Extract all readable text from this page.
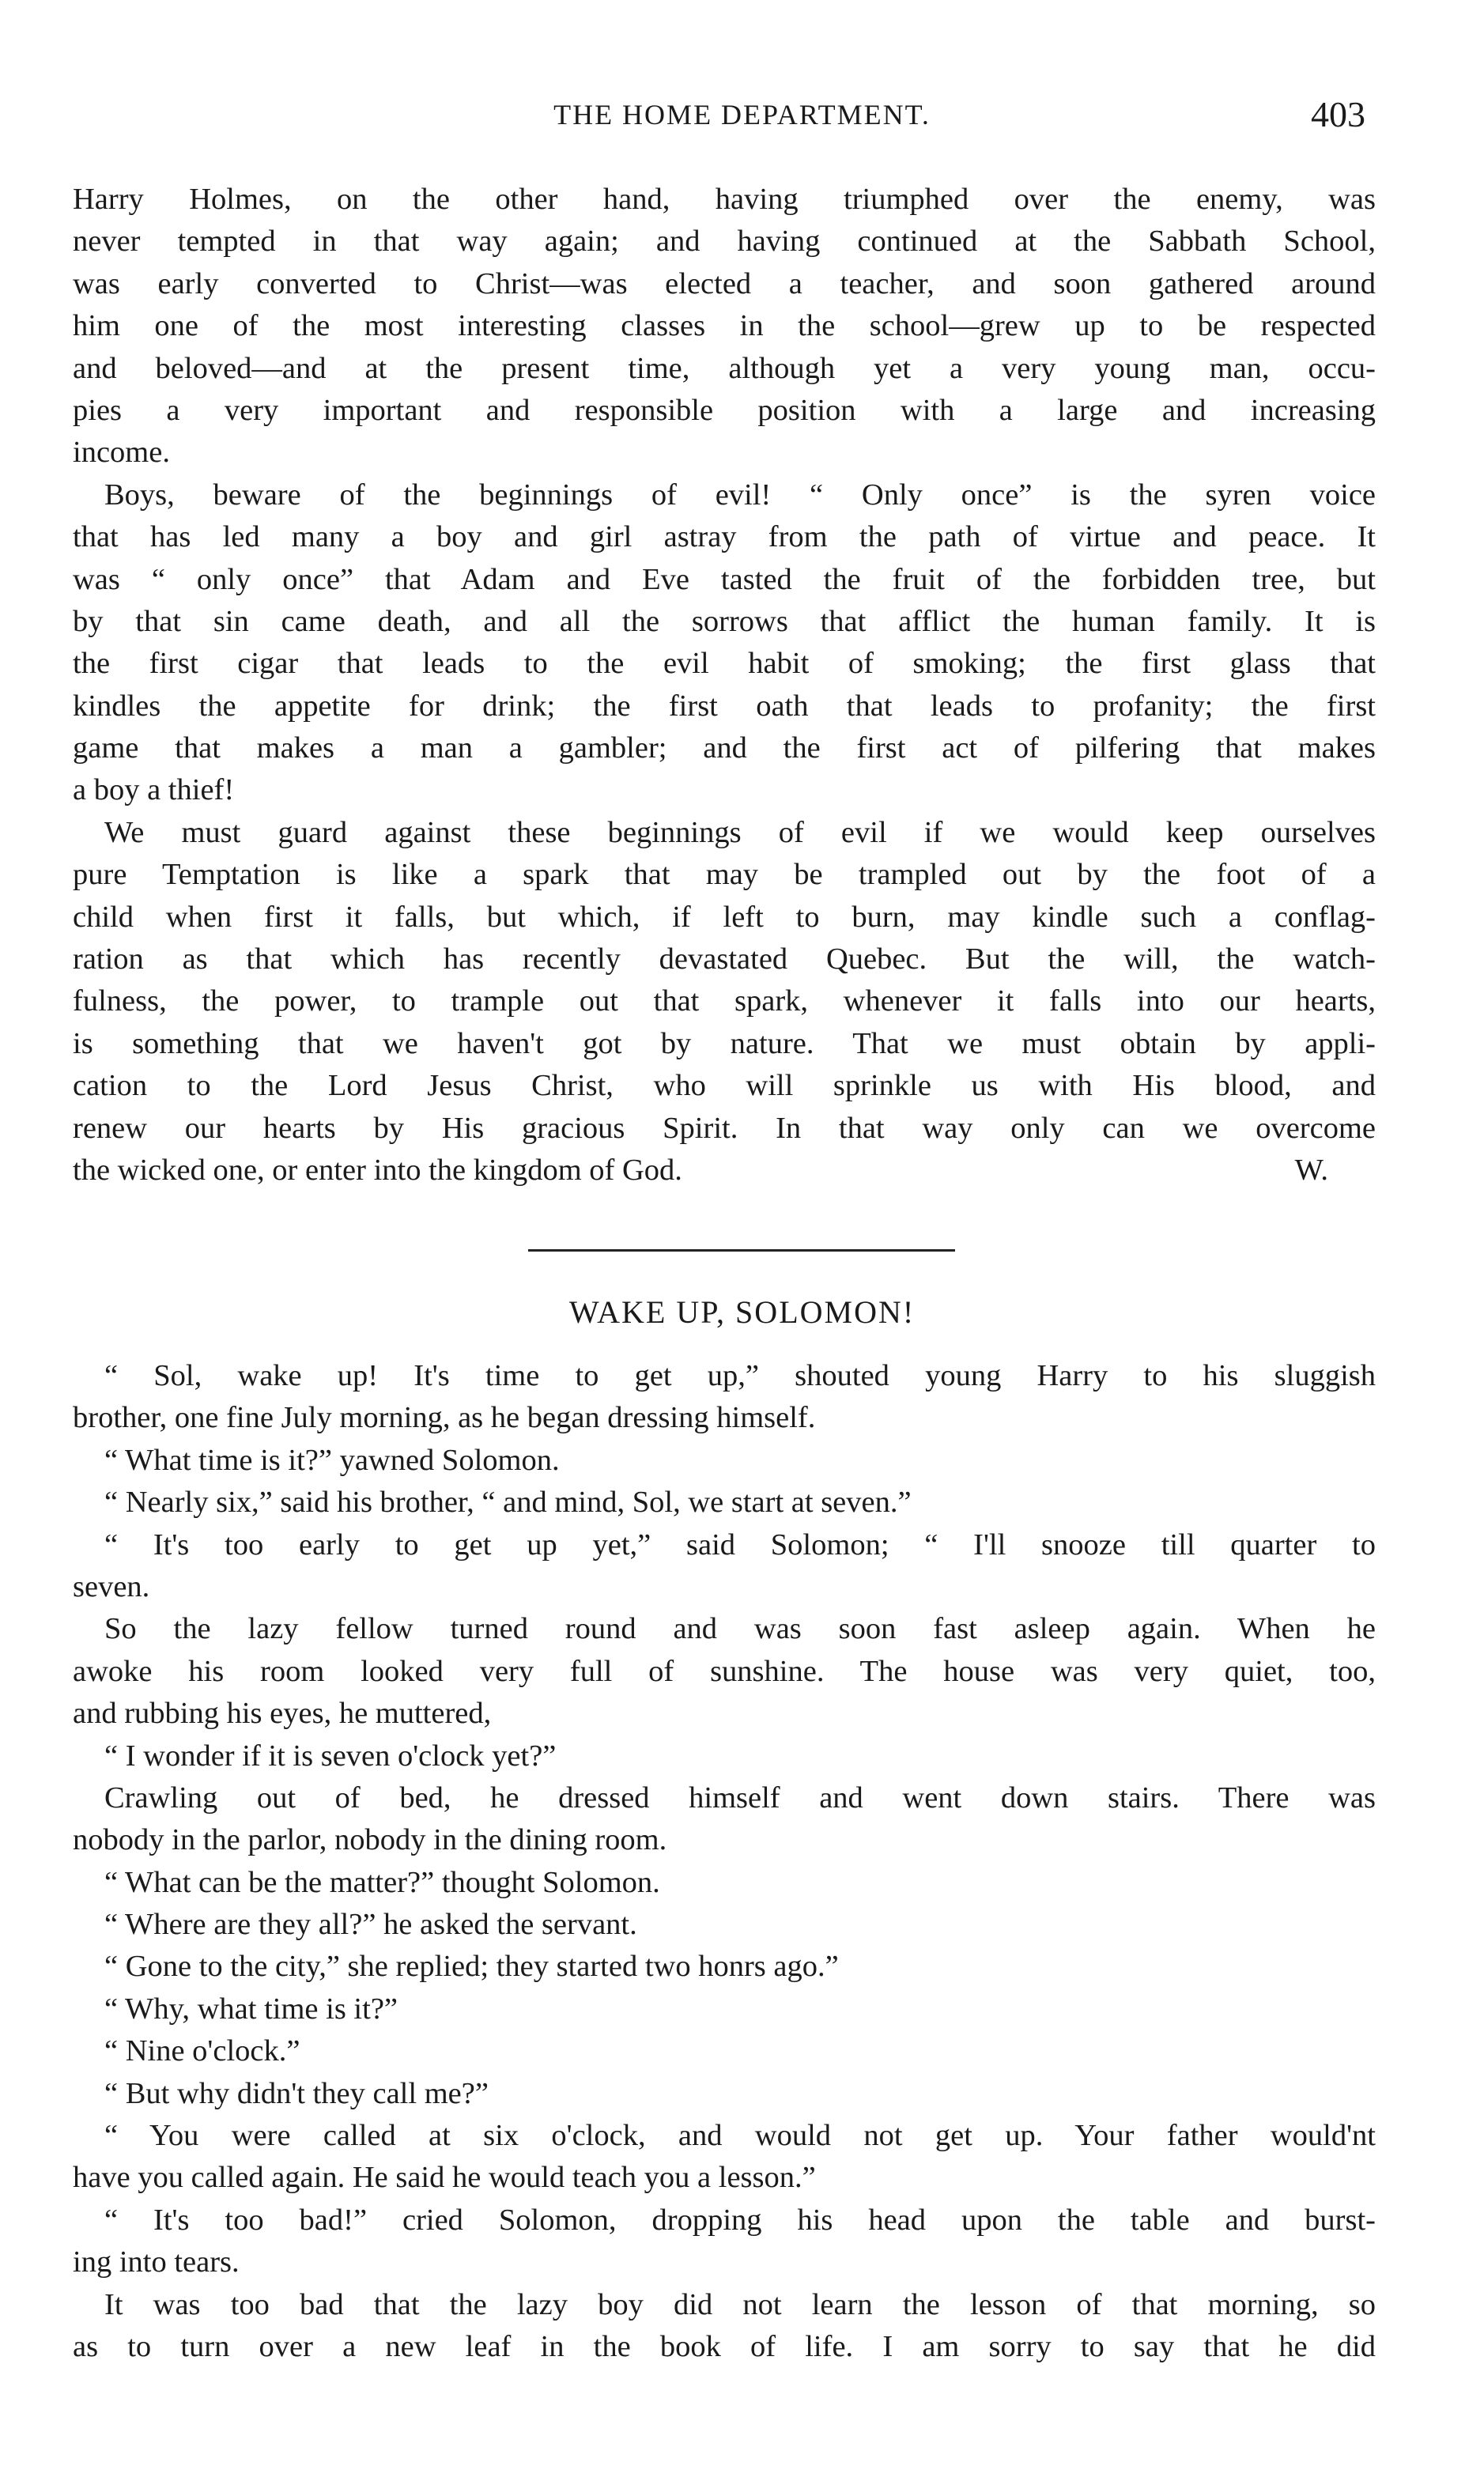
THE HOME DEPARTMENT.	403
Harry Holmes, on the other hand, having triumphed over the enemy, was
never tempted in that way again; and having continued at the Sabbath School,
was early converted to Christ—was elected a teacher, and soon gathered around
him one of the most interesting classes in the school—grew up to be respected
and beloved—and at the present time, although yet a very young man, occu-
pies a very important and responsible position with a large and increasing
income.
Boys, beware of the beginnings of evil! “ Only once” is the syren voice
that has led many a boy and girl astray from the path of virtue and peace. It
was “ only once” that Adam and Eve tasted the fruit of the forbidden tree, but
by that sin came death, and all the sorrows that afflict the human family. It is
the first cigar that leads to the evil habit of smoking; the first glass that
kindles the appetite for drink; the first oath that leads to profanity; the first
game that makes a man a gambler; and the first act of pilfering that makes
a boy a thief!
We must guard against these beginnings of evil if we would keep ourselves
pure Temptation is like a spark that may be trampled out by the foot of a
child when first it falls, but which, if left to burn, may kindle such a conflag-
ration as that which has recently devastated Quebec. But the will, the watch-
fulness, the power, to trample out that spark, whenever it falls into our hearts,
is something that we haven't got by nature. That we must obtain by appli-
cation to the Lord Jesus Christ, who will sprinkle us with His blood, and
renew our hearts by His gracious Spirit. In that way only can we overcome
the wicked one, or enter into the kingdom of God.	W.
WAKE UP, SOLOMON!
“ Sol, wake up! It's time to get up,” shouted young Harry to his sluggish
brother, one fine July morning, as he began dressing himself.
“ What time is it?” yawned Solomon.
“ Nearly six,” said his brother, “ and mind, Sol, we start at seven.”
“ It's too early to get up yet,” said Solomon; “ I'll snooze till quarter to
seven.
So the lazy fellow turned round and was soon fast asleep again. When he
awoke his room looked very full of sunshine. The house was very quiet, too,
and rubbing his eyes, he muttered,
“ I wonder if it is seven o'clock yet?”
Crawling out of bed, he dressed himself and went down stairs. There was
nobody in the parlor, nobody in the dining room.
“ What can be the matter?” thought Solomon.
“ Where are they all?” he asked the servant.
“ Gone to the city,” she replied; they started two honrs ago.”
“ Why, what time is it?”
“ Nine o'clock.”
“ But why didn't they call me?”
“ You were called at six o'clock, and would not get up. Your father would'nt
have you called again. He said he would teach you a lesson.”
“ It's too bad!” cried Solomon, dropping his head upon the table and burst-
ing into tears.
It was too bad that the lazy boy did not learn the lesson of that morning, so
as to turn over a new leaf in the book of life. I am sorry to say that he did
